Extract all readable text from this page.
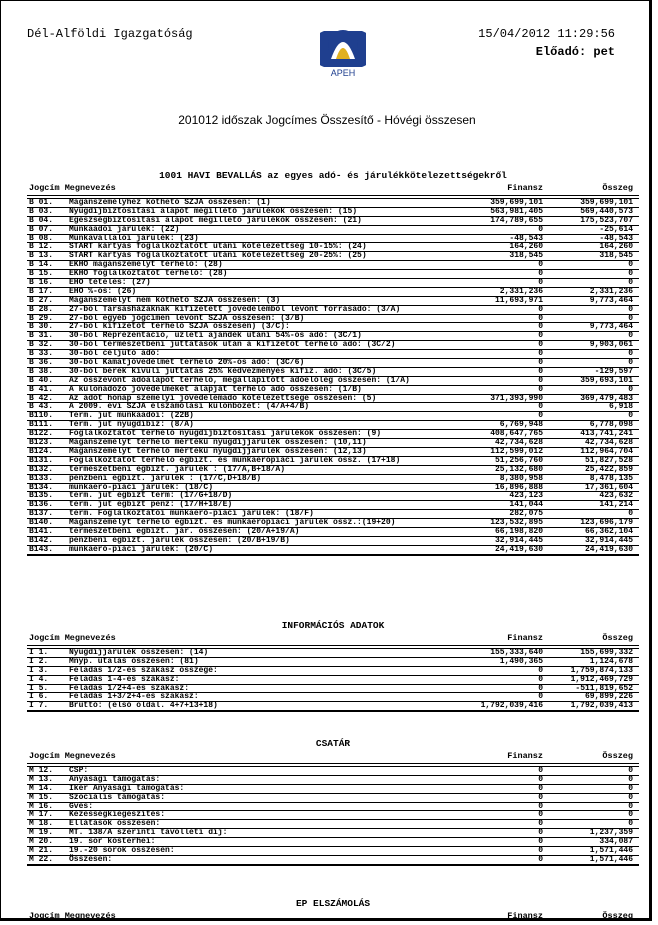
Dél-Alföldi Igazgatóság	15/04/2012 11:29:56
Előadó: pet
APEH
201012 időszak Jogcímes Összesítő - Hóvégi összesen
1001 HAVI BEVALLÁS az egyes adó- és járulékkötelezettségekről
Jogcím Megnevezés	Finansz	Összeg
B 01.	Magánszemélyhez köthető SZJA összesen: (1)	359,699,101	359,699,101
B 03.	Nyugdíjbiztosítási alapot megillető járulékok összesen: (15)	563,981,405	569,440,573
B 04.	Egészségbiztosítási alapot megillető járulékok összesen: (21)	174,789,655	175,523,707
B 07.	Munkaadói járulék: (22)	0	-25,614
B 08.	Munkavállalói járulék: (23)	-48,543	-48,543
B 12.	START kártyás foglalkoztatott utáni kötelezettség 10-15%: (24)	164,260	164,260
B 13.	START kártyás foglalkoztatott utáni kötelezettség 20-25%: (25)	318,545	318,545
B 14.	EKHO magánszemélyt terhelő: (28)	0	0
B 15.	EKHO foglalkoztatót terhelő: (28)	0	0
B 16.	EHO tételes: (27)	0	0
B 17.	EHO %-os: (26)	2,331,236	2,331,236
B 27.	Magánszemélyt nem köthető SZJA összesen: (3)	11,693,971	9,773,464
B 28.	27-ből Társasházaknak kifizetett jövedelemből levont forrásadó: (3/A)	0	0
B 29.	27-ből egyéb jogcímen levont SZJA összesen: (3/B)	0	0
B 30.	27-ből kifizetőt terhelő SZJA összesen) (3/C):	0	9,773,464
B 31.	30-ból Reprezentáció, üzleti ajándék utáni 54%-os adó: (3C/1)	0	0
B 32.	30-ból természetbeni juttatások után a kifizetőt terhelő adó: (3C/2)	0	9,903,061
B 33.	30-ból céljutó adó:	0	0
B 36.	30-ból Kamatjövedelmet terhelő 20%-os adó: (3C/6)	0	0
B 38.	30-ból bérek kívüli juttatás 25% kedvezményes kifiz. adó: (3C/5)	0	-129,597
B 40.	Az összevont adóalapot terhelő, megállapított adóelőleg összesen: (1/A)	0	359,693,101
B 41.	A különadózó jövedelmeket alapját terhelő adó összesen: (1/B)	0	0
B 42.	Az ádót hónap személyi jövedelemadó kötelezettsége összesen: (5)	371,393,990	369,479,483
B 43.	A 2009. évi SZJA elszámolási különbözet: (4/A+4/B)	0	6,918
B110.	Term. jut munkaadói: (22B)	0	0
B111.	Term. jut nyugdíbiz: (8/A)	6,769,948	6,778,098
B122.	Foglalkoztatót terhelő nyugdíjbiztosítási járulékok összesen: (9)	408,647,765	413,741,241
B123.	Magánszemélyt terhelő mértékű nyugdíjjárulék összesen: (10,11)	42,734,628	42,734,628
B124.	Magánszemélyt terhelő mértékű nyugdíjjárulék összesen: (12,13)	112,599,012	112,964,704
B131.	Foglalkoztatót terhelő egbizt. és munkaerőpiaci járulék össz. (17+18)	51,256,760	51,827,528
B132.	természetbeni egbizt. járulék : (17/A,B+18/A)	25,132,680	25,422,859
B133.	pénzbeni egbizt. járulék : (17/C,D+18/B)	8,380,958	8,478,135
B134.	munkaerő-piaci járulék: (18/C)	16,896,888	17,361,604
B135.	term. jut egbizt term: (17/G+18/D)	423,123	423,632
B136.	term. jut egbizt penz: (17/H+18/E)	141,044	141,214
B137.	term. Foglalkoztatói munkaerő-piaci járulék: (18/F)	282,075	0
B140.	Magánszemélyt terhelő egbizt. és munkaerőpiaci járulék össz.:(19+20)	123,532,895	123,696,179
B141.	természetbeni egbizt. jár. összesen: (20/A+19/A)	66,198,820	66,362,104
B142.	pénzbeni egbizt. járulék összesen: (20/B+19/B)	32,914,445	32,914,445
B143.	munkaerő-piaci járulék: (20/C)	24,419,630	24,419,630
INFORMÁCIÓS ADATOK
Jogcím Megnevezés	Finansz	Összeg
I 1.	Nyugdíjjárulék összesen: (14)	155,333,640	155,699,332
I 2.	Mnyp. utalás összesen: (81)	1,490,365	1,124,678
I 3.	Feladás 1/2-es szakasz összege:	0	1,759,874,133
I 4.	Feladás 1-4-es szakasz:	0	1,912,469,729
I 5.	Feladás 1/2+4-es szakasz:	0	-511,819,652
I 6.	Feladás 1+3/2+4-es szakasz:	0	69,899,226
I 7.	Bruttó: (első oldal. 4+7+13+18)	1,792,039,416	1,792,039,413
CSATÁR
Jogcím Megnevezés	Finansz	Összeg
M 12.	CSP:	0	0
M 13.	Anyasági támogatás:	0	0
M 14.	Iker Anyasági támogatás:	0	0
M 15.	Szociális támogatás:	0	0
M 16.	Gves:	0	0
M 17.	Kezességkiegészítés:	0	0
M 18.	Ellátások összesen:	0	0
M 19.	MT. 138/A szerinti távolléti díj:	0	1,237,359
M 20.	19. sor kösterhei:	0	334,087
M 21.	19.-20 sorok összesen:	0	1,571,446
M 22.	Összesen:	0	1,571,446
EP ELSZÁMOLÁS
Jogcím Megnevezés	Finansz	Összeg
